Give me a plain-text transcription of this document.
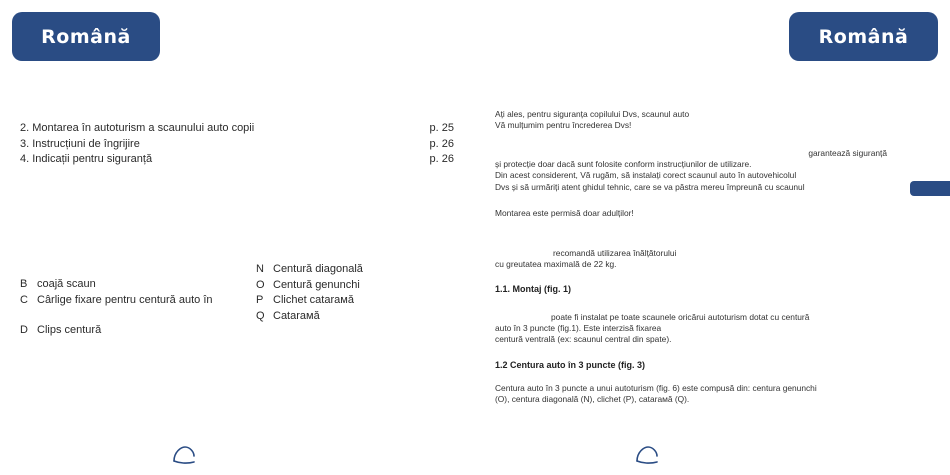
Română	Română
2. Montarea în autoturism a scaunului auto copii	p. 25
3. Instrucțiuni de îngrijire	p. 26
4. Indicații pentru siguranță	p. 26
B coajă scaun
C Cârlige fixare pentru centură auto în
D Clips centură
N Centură diagonală
O Centură genunchi
P Clichet catarамă
Q Catarамă
Ați ales, pentru siguranța copilului Dvs, scaunul auto
Vă mulțumim pentru încrederea Dvs!
garantează siguranță
și protecție doar dacă sunt folosite conform instrucțiunilor de utilizare.
Din acest considerent, Vă rugăm, să instalați corect scaunul auto în autovehicolul
Dvs și să urmăriți atent ghidul tehnic, care se va păstra mereu împreună cu scaunul
Montarea este permisă doar adulților!
recomandă utilizarea înălțătorului
cu greutatea maximală de 22 kg.
1.1. Montaj (fig. 1)
poate fi instalat pe toate scaunele oricărui autoturism dotat cu centură
auto în 3 puncte (fig.1). Este interzisă fixarea
centură ventrală (ex: scaunul central din spate).
1.2 Centura auto în 3 puncte (fig. 3)
Centura auto în 3 puncte a unui autoturism (fig. 6) este compusă din: centura genunchi
(O), centura diagonală (N), clichet (P), catarамă (Q).
